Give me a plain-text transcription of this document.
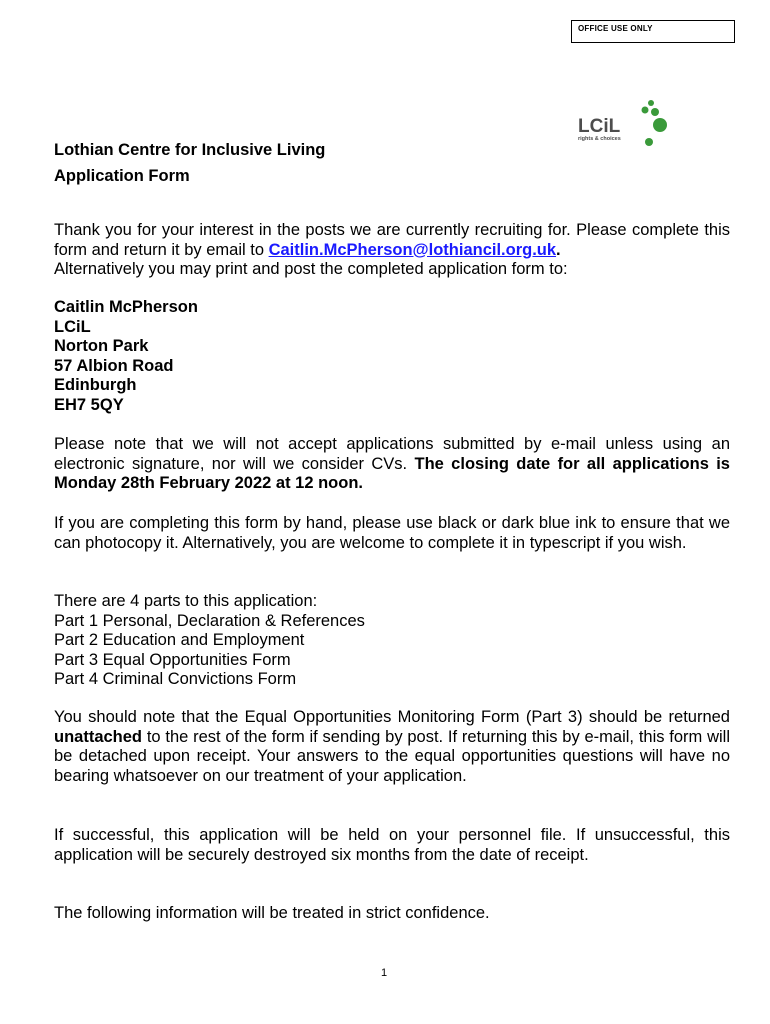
OFFICE USE ONLY
LCiL
rights & choices
Lothian Centre for Inclusive Living
Application Form

Thank you for your interest in the posts we are currently recruiting for. Please complete this form and return it by email to Caitlin.McPherson@lothiancil.org.uk.
Alternatively you may print and post the completed application form to:

Caitlin McPherson
LCiL
Norton Park
57 Albion Road
Edinburgh
EH7 5QY

Please note that we will not accept applications submitted by e-mail unless using an electronic signature, nor will we consider CVs. The closing date for all applications is Monday 28th February 2022 at 12 noon.

If you are completing this form by hand, please use black or dark blue ink to ensure that we can photocopy it. Alternatively, you are welcome to complete it in typescript if you wish.

There are 4 parts to this application:
Part 1 Personal, Declaration & References
Part 2 Education and Employment
Part 3 Equal Opportunities Form
Part 4 Criminal Convictions Form

You should note that the Equal Opportunities Monitoring Form (Part 3) should be returned unattached to the rest of the form if sending by post. If returning this by e-mail, this form will be detached upon receipt. Your answers to the equal opportunities questions will have no bearing whatsoever on our treatment of your application.

If successful, this application will be held on your personnel file. If unsuccessful, this application will be securely destroyed six months from the date of receipt.

The following information will be treated in strict confidence.

1
